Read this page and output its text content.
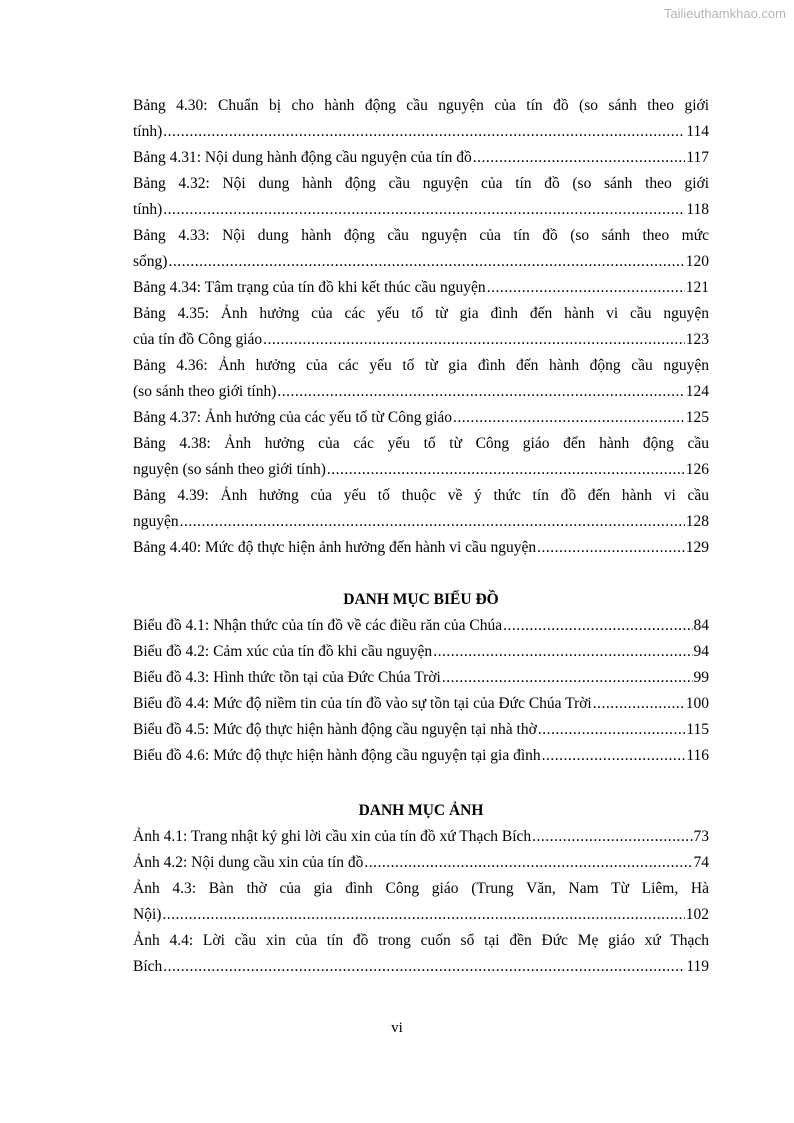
Tailieuthamkhao.com
Bảng 4.30: Chuẩn bị cho hành động cầu nguyện của tín đồ (so sánh theo giới
tính) .....	114
Bảng 4.31: Nội dung hành động cầu nguyện của tín đồ .....	117
Bảng 4.32: Nội dung hành động cầu nguyện của tín đồ (so sánh theo giới
tính) .....	118
Bảng 4.33: Nội dung hành động cầu nguyện của tín đồ (so sánh theo mức
sống) .....	120
Bảng 4.34: Tâm trạng của tín đồ khi kết thúc cầu nguyện .....	121
Bảng 4.35: Ảnh hưởng của các yếu tố từ gia đình đến hành vi cầu nguyện
của tín đồ Công giáo .....	123
Bảng 4.36: Ảnh hưởng của các yếu tố từ gia đình đến hành động cầu nguyện
(so sánh theo giới tính) .....	124
Bảng 4.37: Ảnh hưởng của các yếu tố từ Công giáo .....	125
Bảng 4.38: Ảnh hưởng của các yếu tố từ Công giáo đến hành động cầu
nguyện (so sánh theo giới tính) .....	126
Bảng 4.39: Ảnh hưởng của yếu tố thuộc về ý thức tín đồ đến hành vi cầu
nguyện .....	128
Bảng 4.40: Mức độ thực hiện ảnh hưởng đến hành vi cầu nguyện .....	129
DANH MỤC BIỂU ĐỒ
Biểu đồ 4.1: Nhận thức của tín đồ về các điều răn của Chúa .....	84
Biểu đồ 4.2: Cảm xúc của tín đồ khi cầu nguyện .....	94
Biểu đồ 4.3: Hình thức tồn tại của Đức Chúa Trời .....	99
Biểu đồ 4.4: Mức độ niềm tin của tín đồ vào sự tồn tại của Đức Chúa Trời .....	100
Biểu đồ 4.5: Mức độ thực hiện hành động cầu nguyện tại nhà thờ .....	115
Biểu đồ 4.6: Mức độ thực hiện hành động cầu nguyện tại gia đình .....	116
DANH MỤC ẢNH
Ảnh 4.1: Trang nhật ký ghi lời cầu xin của tín đồ xứ Thạch Bích .....	73
Ảnh 4.2: Nội dung cầu xin của tín đồ .....	74
Ảnh 4.3: Bàn thờ của gia đình Công giáo (Trung Văn, Nam Từ Liêm, Hà
Nội) .....	102
Ảnh 4.4: Lời cầu xin của tín đồ trong cuốn sổ tại đền Đức Mẹ giáo xứ Thạch
Bích .....	119
vi
